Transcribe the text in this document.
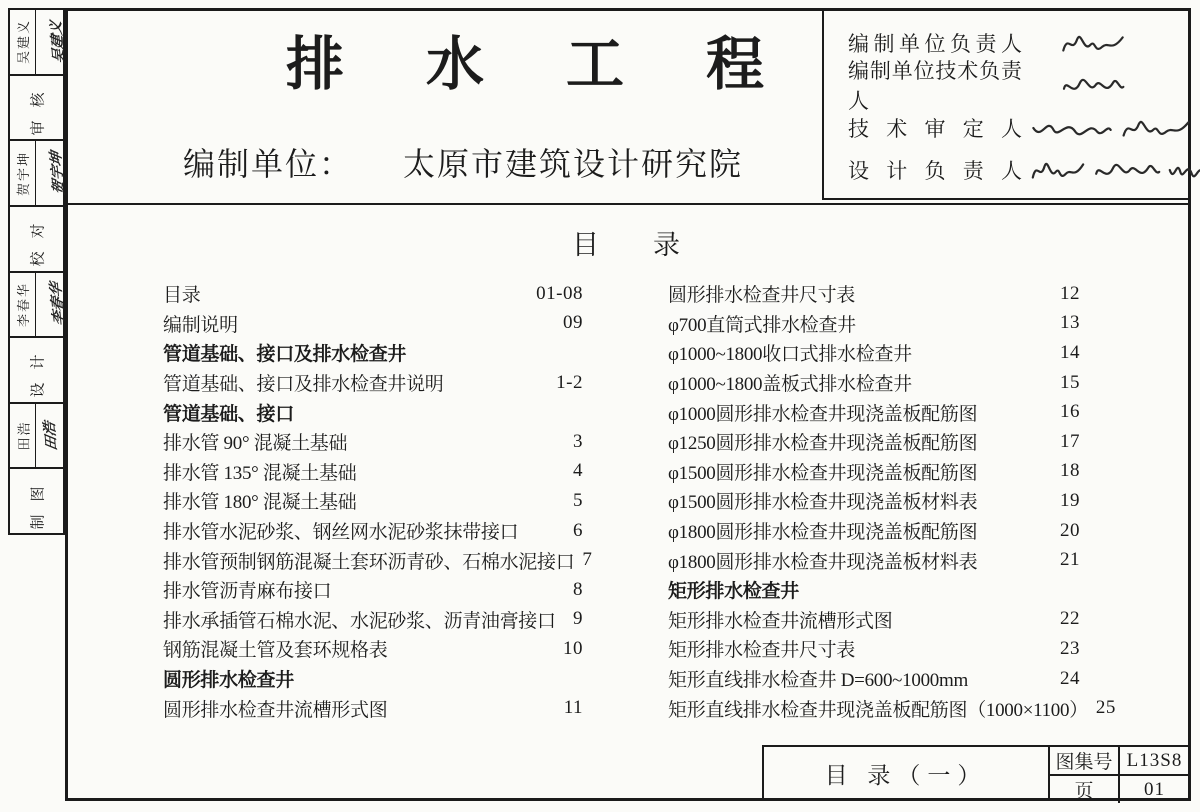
吴建义 吴建义
审核
贺宇坤 贺宇坤
校对
李春华 李春华
设计
田浩 田浩
制图
排水工程
编制单位： 太原市建筑设计研究院
编制单位负责人
编制单位技术负责人
技术审定人
设计负责人
目　　录
目录	01-08
编制说明	09
管道基础、接口及排水检查井
管道基础、接口及排水检查井说明	1-2
管道基础、接口
排水管 90° 混凝土基础	3
排水管 135° 混凝土基础	4
排水管 180° 混凝土基础	5
排水管水泥砂浆、钢丝网水泥砂浆抹带接口	6
排水管预制钢筋混凝土套环沥青砂、石棉水泥接口 7
排水管沥青麻布接口	8
排水承插管石棉水泥、水泥砂浆、沥青油膏接口 9
钢筋混凝土管及套环规格表	10
圆形排水检查井
圆形排水检查井流槽形式图	11
圆形排水检查井尺寸表	12
φ700直筒式排水检查井	13
φ1000~1800收口式排水检查井	14
φ1000~1800盖板式排水检查井	15
φ1000圆形排水检查井现浇盖板配筋图	16
φ1250圆形排水检查井现浇盖板配筋图	17
φ1500圆形排水检查井现浇盖板配筋图	18
φ1500圆形排水检查井现浇盖板材料表	19
φ1800圆形排水检查井现浇盖板配筋图	20
φ1800圆形排水检查井现浇盖板材料表	21
矩形排水检查井
矩形排水检查井流槽形式图	22
矩形排水检查井尺寸表	23
矩形直线排水检查井 D=600~1000mm	24
矩形直线排水检查井现浇盖板配筋图（1000×1100） 25
目 录（一）	图集号 L13S8
页	01
